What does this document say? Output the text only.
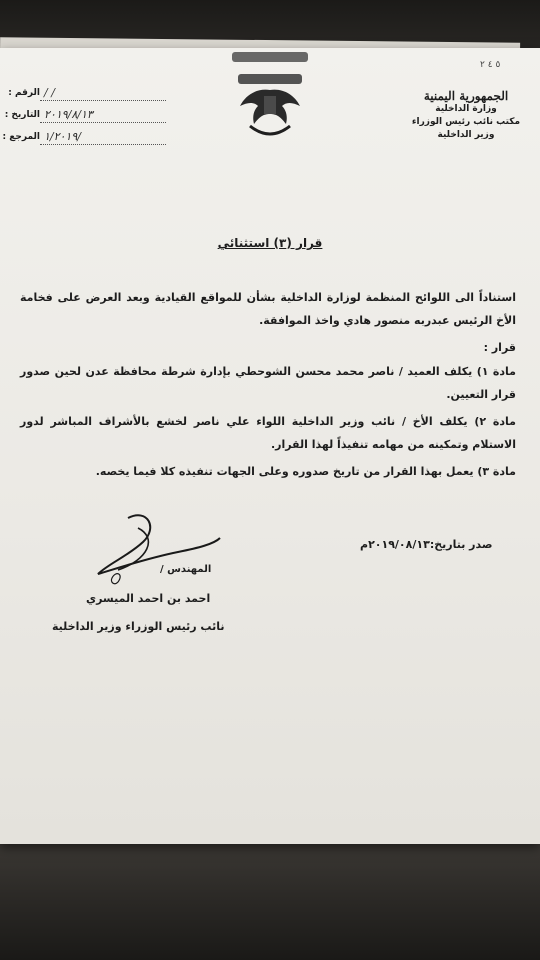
٥ ٤ ٢
الجمهورية اليمنية
وزارة الداخلية
مكتب نائب رئيس الوزراء
وزير الداخلية
/ /
الرقم :
٢٠١٩/٨/١٣
التاريخ :
١/٢٠١٩/
المرجع :
قرار (٣) استثنائي
استناداً الى اللوائح المنظمة لوزارة الداخلية بشأن للمواقع القيادية وبعد العرض على فخامة الأخ الرئيس عبدربه منصور هادي واخذ الموافقة.
قرار :
مادة ١) يكلف العميد / ناصر محمد محسن الشوحطي بإدارة شرطة محافظة عدن لحين صدور قرار التعيين.
مادة ٢) يكلف الأخ / نائب وزير الداخلية اللواء علي ناصر لخشع بالأشراف المباشر لدور الاستلام وتمكينه من مهامه تنفيذاً لهذا القرار.
مادة ٣) يعمل بهذا القرار من تاريخ صدوره وعلى الجهات تنفيذه كلا فيما يخصه.
صدر بتاريخ:٢٠١٩/٠٨/١٣م
المهندس /
احمد بن احمد الميسري
نائب رئيس الوزراء وزير الداخلية
